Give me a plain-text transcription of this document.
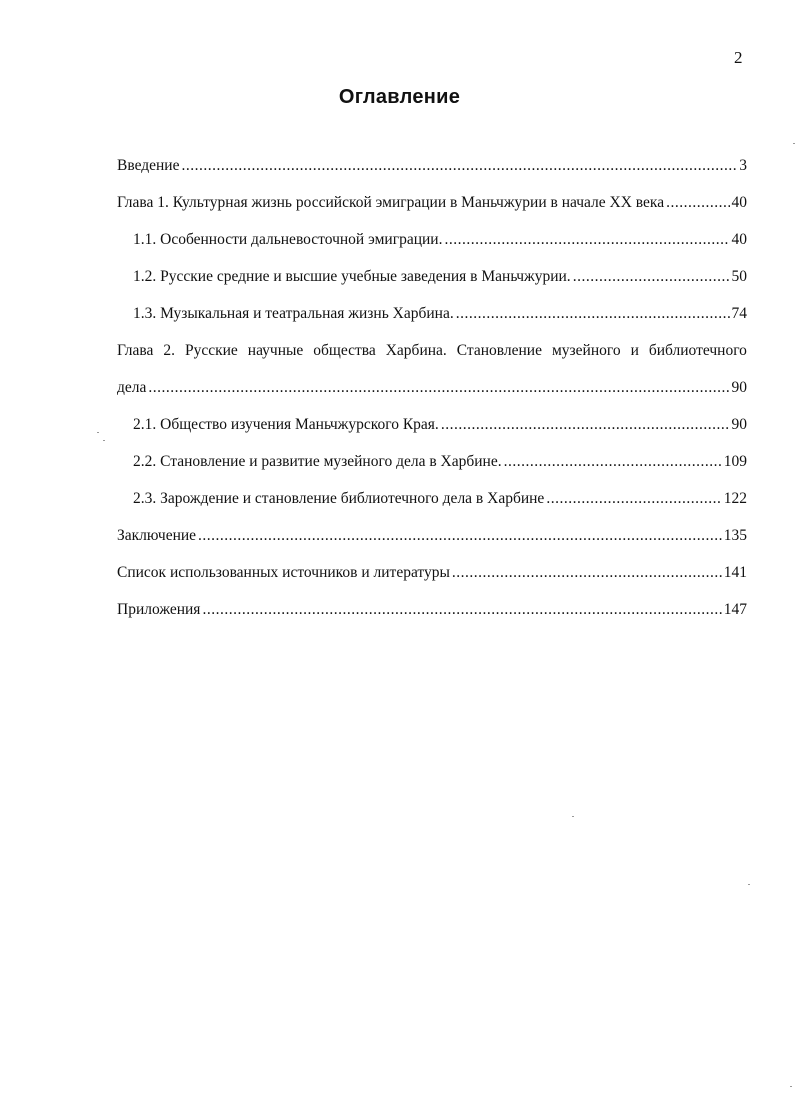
2
Оглавление
Введение .....	3
Глава 1. Культурная жизнь российской эмиграции в Маньчжурии в начале XX века .....	40
1.1. Особенности дальневосточной эмиграции. .....	40
1.2. Русские средние и высшие учебные заведения в Маньчжурии. .....	50
1.3. Музыкальная и театральная жизнь Харбина. .....	74
Глава 2. Русские научные общества Харбина. Становление музейного и библиотечного
дела .....	90
2.1. Общество изучения Маньчжурского Края. .....	90
2.2. Становление и развитие музейного дела в Харбине. .....	109
2.3. Зарождение и становление библиотечного дела в Харбине .....	122
Заключение .....	135
Список использованных источников и литературы .....	141
Приложения .....	147
